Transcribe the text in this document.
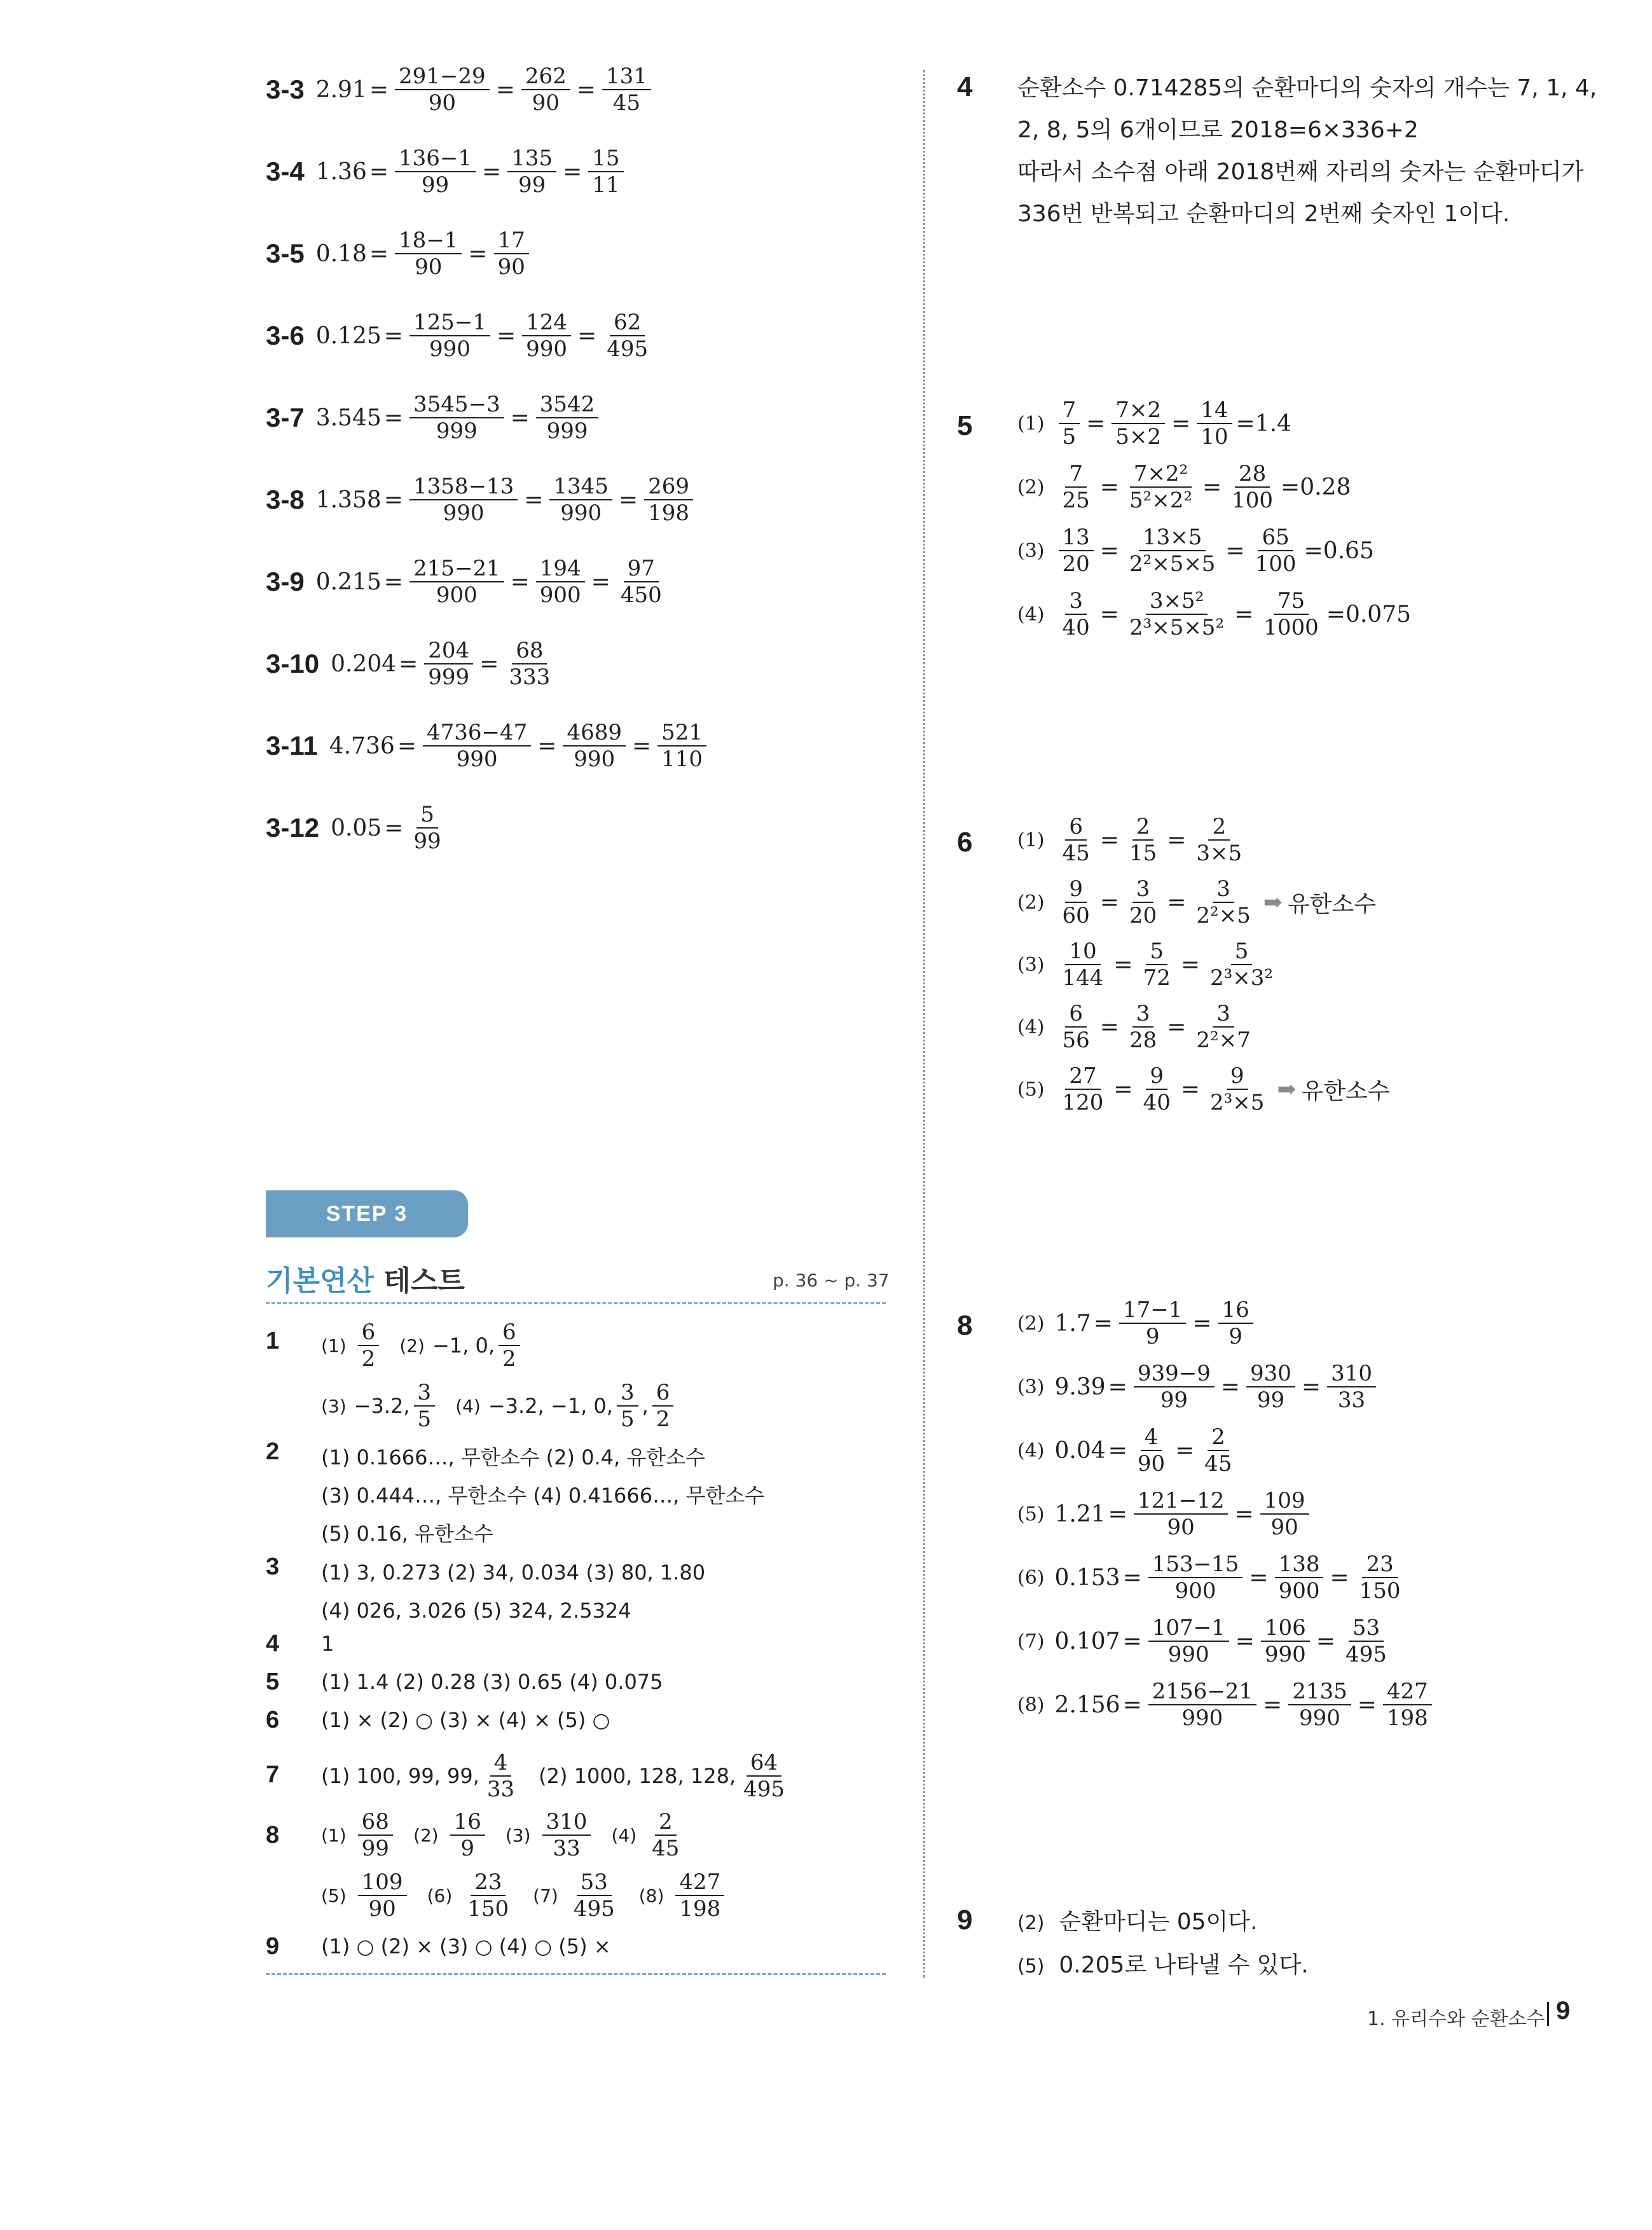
3-3 $2.91 = \frac{291-29}{90} = \frac{262}{90} = \frac{131}{45}$
3-4 $1.36 = \frac{136-1}{99} = \frac{135}{99} = \frac{15}{11}$
3-5 $0.18 = \frac{18-1}{90} = \frac{17}{90}$
3-6 $0.125 = \frac{125-1}{990} = \frac{124}{990} = \frac{62}{495}$
3-7 $3.545 = \frac{3545-3}{999} = \frac{3542}{999}$
3-8 $1.358 = \frac{1358-13}{990} = \frac{1345}{990} = \frac{269}{198}$
3-9 $0.215 = \frac{215-21}{900} = \frac{194}{900} = \frac{97}{450}$
3-10 $0.204 = \frac{204}{999} = \frac{68}{333}$
3-11 $4.736 = \frac{4736-47}{990} = \frac{4689}{990} = \frac{521}{110}$
3-12 $0.05 = \frac{5}{99}$
4 순환소수 0.714285의 순환마디의 숫자의 개수는 7, 1, 4,
2, 8, 5의 6개이므로 2018=6×336+2
따라서 소수점 아래 2018번째 자리의 숫자는 순환마디가
336번 반복되고 순환마디의 2번째 숫자인 1이다.
5 $(1) \frac{7}{5} = \frac{7\times 2}{5\times 2} = \frac{14}{10} =1.4$
$(2) \frac{7}{25} = \frac{\text{7×2²}}{\text{5²×2²}} = \frac{28}{100} =0.28$
$(3) \frac{13}{20} = \frac{13\times 5}{\text{2²×5×5}} = \frac{65}{100} =0.65$
$(4) \frac{3}{40} = \frac{\text{3×5²}}{\text{2³×5×5²}} = \frac{75}{1000} =0.075$
6 $(1) \frac{6}{45} = \frac{2}{15} = \frac{2}{3\times 5}$
$(2) \frac{9}{60} = \frac{3}{20} = \frac{3}{\text{2²×5}}$ ➡ 유한소수
$(3) \frac{10}{144} = \frac{5}{72} = \frac{5}{\text{2³×3²}}$
$(4) \frac{6}{56} = \frac{3}{28} = \frac{3}{\text{2²×7}}$
$(5) \frac{27}{120} = \frac{9}{40} = \frac{9}{\text{2³×5}}$ ➡ 유한소수
8 (2) $1.7 = \frac{17-1}{9} = \frac{16}{9}$
(3) $9.39 = \frac{939-9}{99} = \frac{930}{99} = \frac{310}{33}$
(4) $0.04 = \frac{4}{90} = \frac{2}{45}$
(5) $1.21 = \frac{121-12}{90} = \frac{109}{90}$
(6) $0.153 = \frac{153-15}{900} = \frac{138}{900} = \frac{23}{150}$
(7) $0.107 = \frac{107-1}{990} = \frac{106}{990} = \frac{53}{495}$
(8) $2.156 = \frac{2156-21}{990} = \frac{2135}{990} = \frac{427}{198}$
9 (2) 순환마디는 05이다.
(5) 0.205로 나타낼 수 있다.
STEP 3
기본연산 테스트	p. 36 ~ p. 37
1 (1)
6
2
(2) −1, 0,
6
2
(3) −3.2,
3
5
(4) −3.2, −1, 0,
3
5
,
6
2
2 (1) 0.1666…, 무한소수 (2) 0.4, 유한소수
(3) 0.444…, 무한소수 (4) 0.41666…, 무한소수
(5) 0.16, 유한소수
3 (1) 3, 0.273 (2) 34, 0.034 (3) 80, 1.80
(4) 026, 3.026 (5) 324, 2.5324
4 1
5 (1) 1.4 (2) 0.28 (3) 0.65 (4) 0.075
6 (1) × (2) ○ (3) × (4) × (5) ○
7 (1) 100, 99, 99,
4
33
(2) 1000, 128, 128,
64
495
8 (1)
68
99
(2)
16
9
(3)
310
33
(4)
2
45
(5)
109
90
(6)
23
150
(7)
53
495
(8)
427
198
9 (1) ○ (2) × (3) ○ (4) ○ (5) ×
1. 유리수와 순환소수 9
